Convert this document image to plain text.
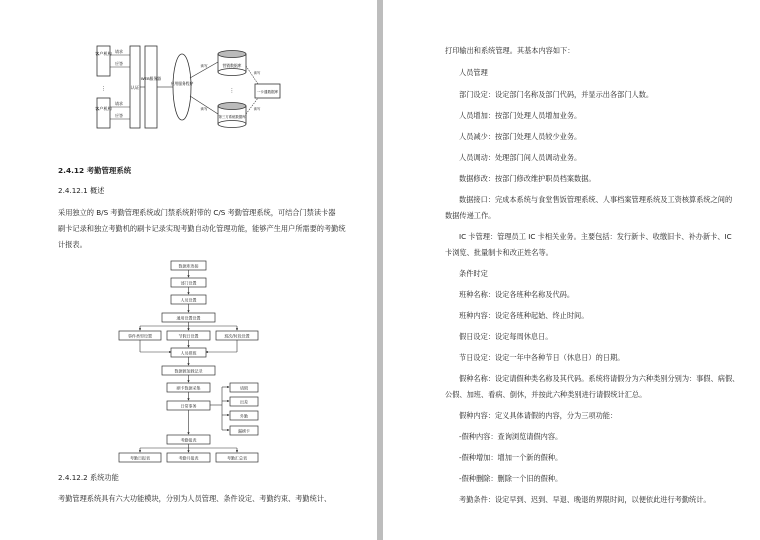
客户机构
客户机构
⋮
请求
应答
请求
应答
认证
WEB服务器
应用服务程序
营销数据库
第三方系统数据库
⋮	一卡通数据库
读写
读写
读写
读写
2.4.12 考勤管理系统
2.4.12.1 概述
采用独立的 B/S 考勤管理系统或门禁系统附带的 C/S 考勤管理系统，可结合门禁读卡器
刷卡记录和独立考勤机的刷卡记录实现考勤自动化管理功能，能够产生用户所需要的考勤统
计报表。
数据库连接
部门设置
人员设置
通用设置设置
事件类型设置	节假日设置	班次/时段设置
人员排班
数据源加载记录
刷卡数据采集
日常事务
请假
出差
外勤
漏刷卡
考勤报表
考勤日报表	考勤月报表	考勤汇总表
2.4.12.2 系统功能
考勤管理系统具有六大功能模块，分别为人员管理、条件设定、考勤约束、考勤统计、
打印输出和系统管理。其基本内容如下：
人员管理
部门设定：设定部门名称及部门代码，并显示出各部门人数。
人员增加：按部门处理人员增加业务。
人员减少：按部门处理人员较少业务。
人员调动：处理部门间人员调动业务。
数据修改：按部门修改维护职员档案数据。
数据接口：完成本系统与食堂售饭管理系统、人事档案管理系统及工资核算系统之间的
数据传递工作。
IC 卡管理：管理员工 IC 卡相关业务。主要包括：发行新卡、收缴旧卡、补办新卡、IC
卡浏览、批量制卡和改正姓名等。
条件时定
班种名称：设定各班种名称及代码。
班种内容：设定各班种起始、终止时间。
假日设定：设定每周休息日。
节日设定：设定一年中各种节日（休息日）的日期。
假种名称：设定请假种类名称及其代码。系统将请假分为六种类别分别为：事假、病假、
公假、加班、看病、倒休，并按此六种类别进行请假统计汇总。
假种内容：定义具体请假的内容，分为三项功能：
-假种内容：查询浏览请假内容。
-假种增加：增加一个新的假种。
-假种删除：删除一个旧的假种。
考勤条件：设定早到、迟到、早退、晚退的界限时间，以便依此进行考勤统计。
